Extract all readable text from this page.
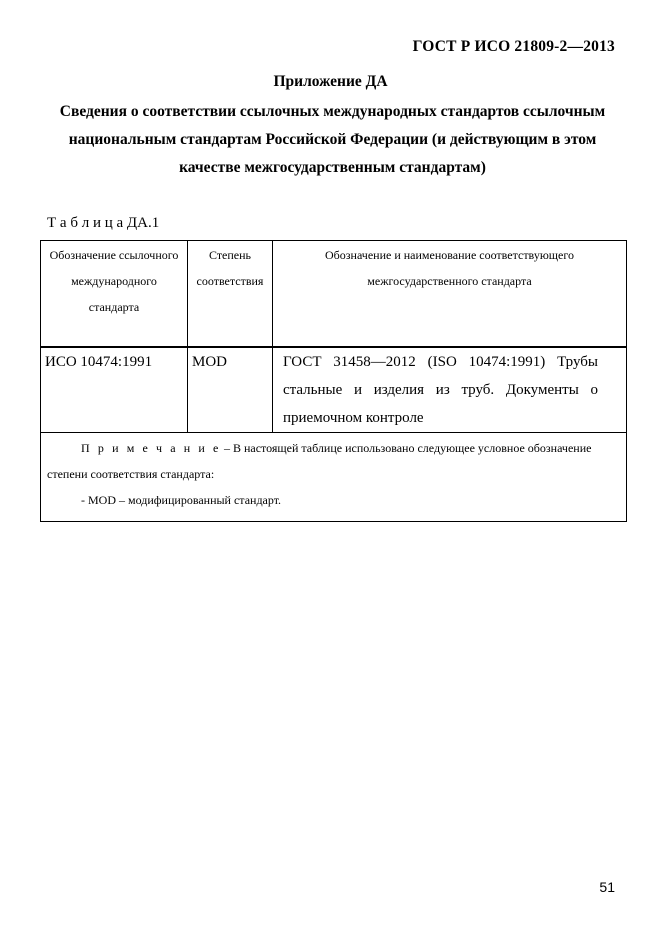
ГОСТ Р ИСО 21809-2—2013
Приложение ДА
Сведения о соответствии ссылочных международных стандартов ссылочным национальным стандартам Российской Федерации (и действующим в этом качестве межгосударственным стандартам)
Т а б л и ц а ДА.1
Обозначение ссылочного международного стандарта	Степень соответствия	Обозначение и наименование соответствующего межгосударственного стандарта
ИСО 10474:1991	MOD	ГОСТ 31458—2012 (ISO 10474:1991) Трубы стальные и изделия из труб. Документы о приемочном контроле

П р и м е ч а н и е – В настоящей таблице использовано следующее условное обозначение степени соответствия стандарта:
- MOD – модифицированный стандарт.		
51
